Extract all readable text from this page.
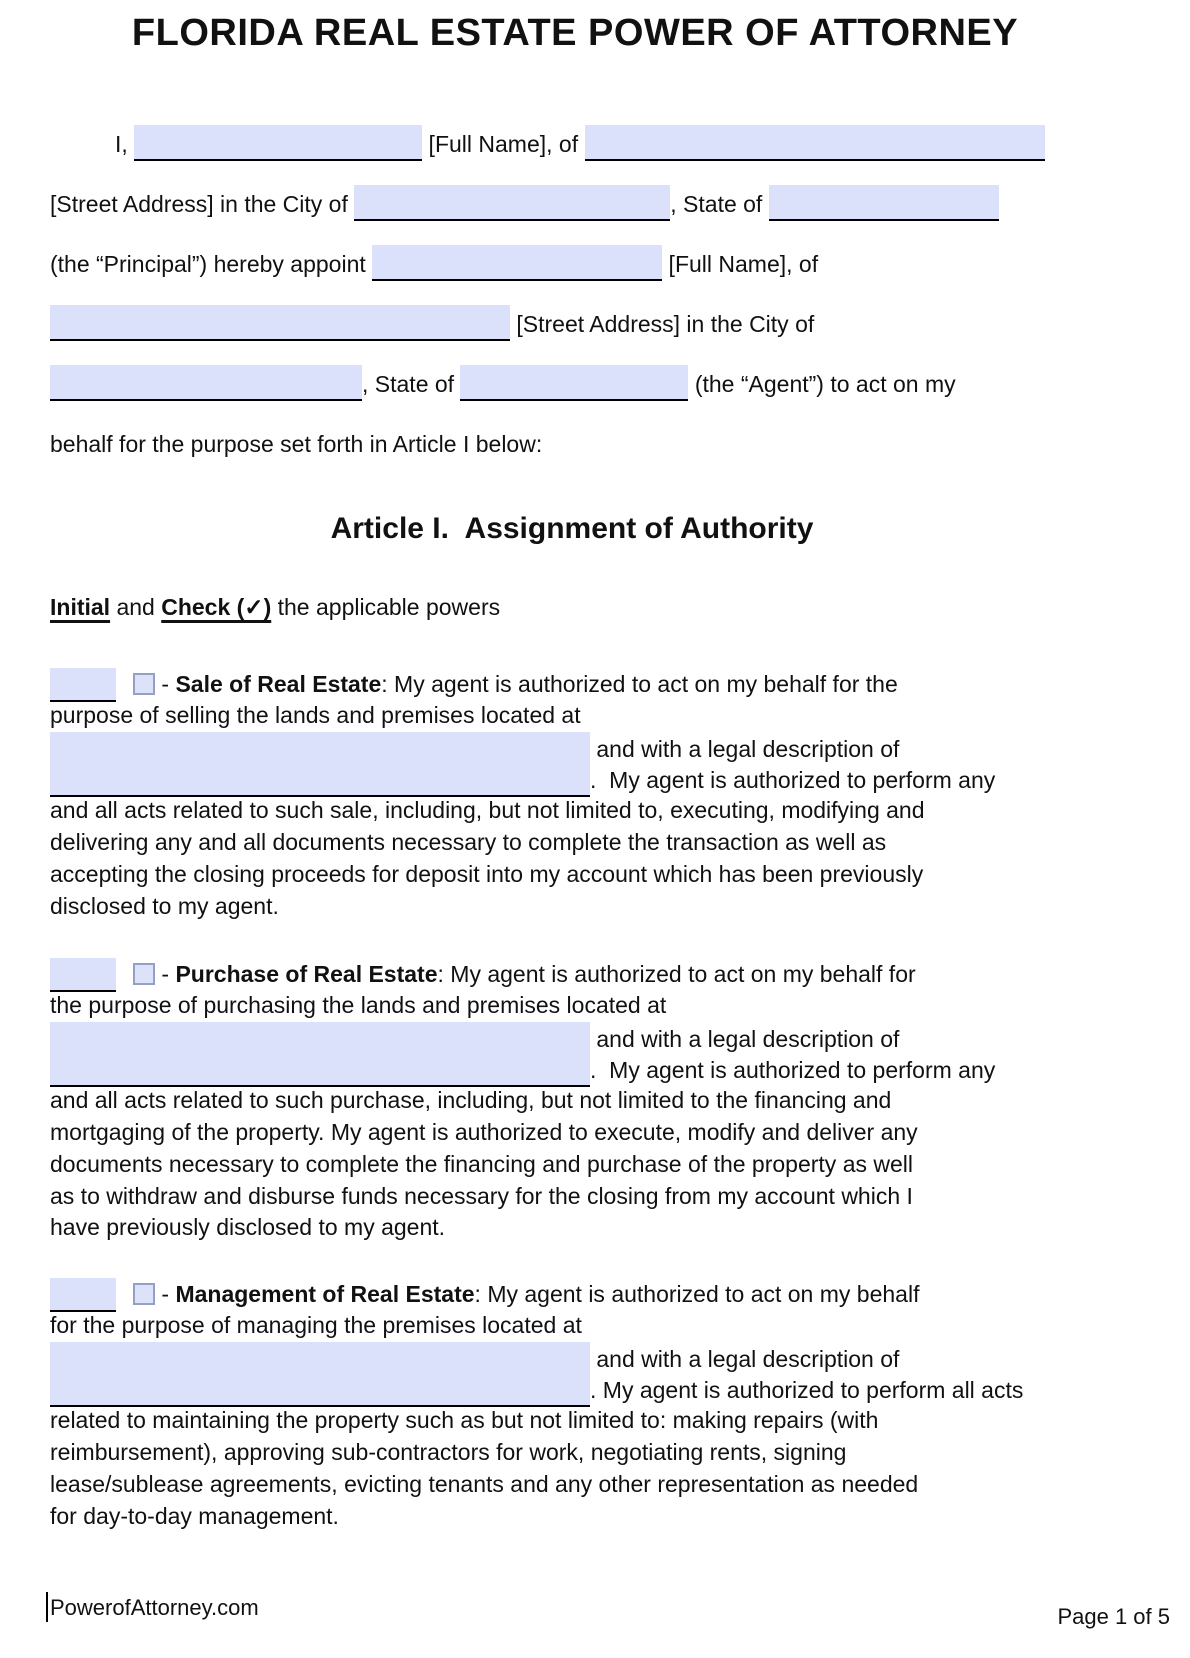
FLORIDA REAL ESTATE POWER OF ATTORNEY
I,	[Full Name], of
[Street Address] in the City of	, State of
(the “Principal”) hereby appoint	[Full Name], of
[Street Address] in the City of
, State of	(the “Agent”) to act on my
behalf for the purpose set forth in Article I below:
Article I.  Assignment of Authority
Initial and Check (✓) the applicable powers
- Sale of Real Estate: My agent is authorized to act on my behalf for the
purpose of selling the lands and premises located at
and with a legal description of
.  My agent is authorized to perform any
and all acts related to such sale, including, but not limited to, executing, modifying and
delivering any and all documents necessary to complete the transaction as well as
accepting the closing proceeds for deposit into my account which has been previously
disclosed to my agent.
- Purchase of Real Estate: My agent is authorized to act on my behalf for
the purpose of purchasing the lands and premises located at
and with a legal description of
.  My agent is authorized to perform any
and all acts related to such purchase, including, but not limited to the financing and
mortgaging of the property. My agent is authorized to execute, modify and deliver any
documents necessary to complete the financing and purchase of the property as well
as to withdraw and disburse funds necessary for the closing from my account which I
have previously disclosed to my agent.
- Management of Real Estate: My agent is authorized to act on my behalf
for the purpose of managing the premises located at
and with a legal description of
. My agent is authorized to perform all acts
related to maintaining the property such as but not limited to: making repairs (with
reimbursement), approving sub-contractors for work, negotiating rents, signing
lease/sublease agreements, evicting tenants and any other representation as needed
for day-to-day management.
PowerofAttorney.com	Page 1 of 5
